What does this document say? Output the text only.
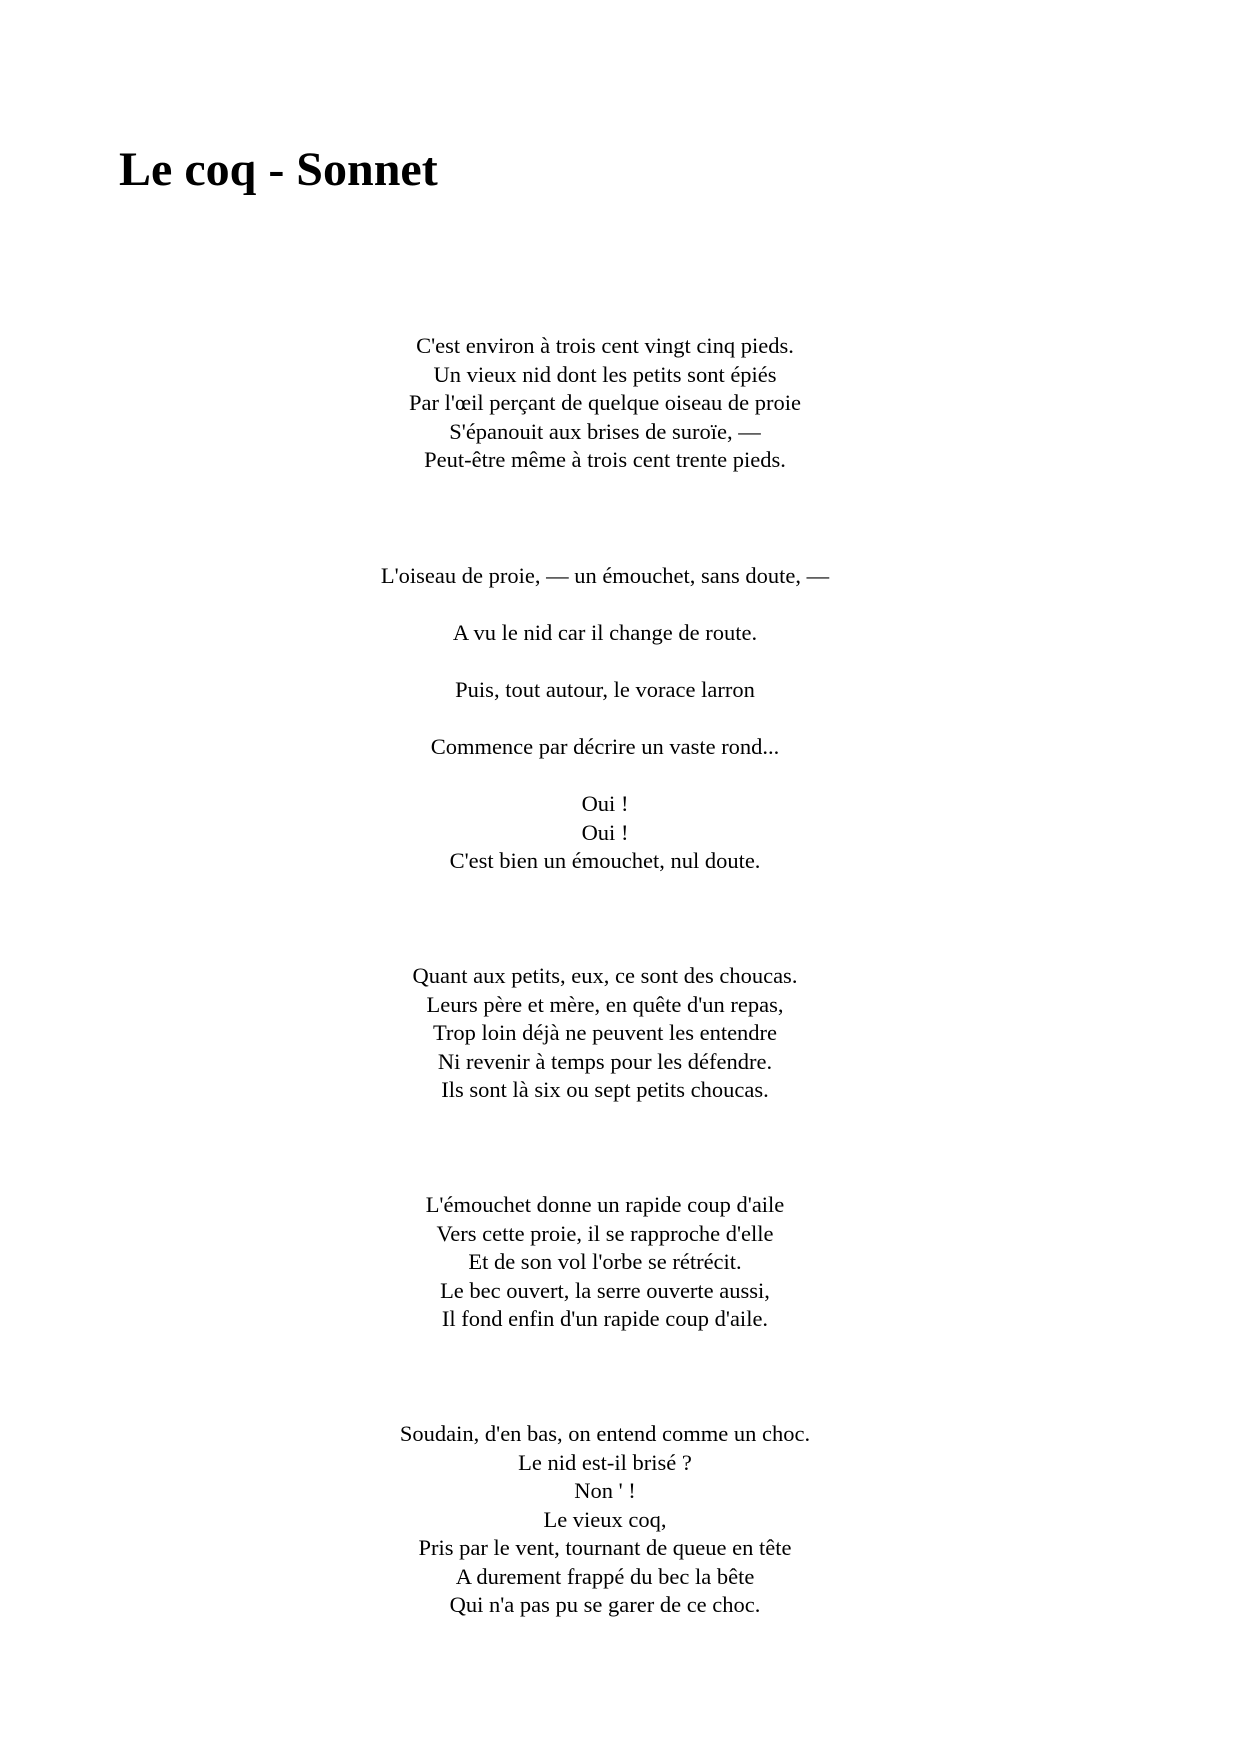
Le coq - Sonnet
C'est environ à trois cent vingt cinq pieds.
Un vieux nid dont les petits sont épiés
Par l'œil perçant de quelque oiseau de proie
S'épanouit aux brises de suroïe, —
Peut-être même à trois cent trente pieds.
L'oiseau de proie, — un émouchet, sans doute, —
A vu le nid car il change de route.
Puis, tout autour, le vorace larron
Commence par décrire un vaste rond...
Oui !
Oui !
C'est bien un émouchet, nul doute.
Quant aux petits, eux, ce sont des choucas.
Leurs père et mère, en quête d'un repas,
Trop loin déjà ne peuvent les entendre
Ni revenir à temps pour les défendre.
Ils sont là six ou sept petits choucas.
L'émouchet donne un rapide coup d'aile
Vers cette proie, il se rapproche d'elle
Et de son vol l'orbe se rétrécit.
Le bec ouvert, la serre ouverte aussi,
Il fond enfin d'un rapide coup d'aile.
Soudain, d'en bas, on entend comme un choc.
Le nid est-il brisé ?
Non ' !
Le vieux coq,
Pris par le vent, tournant de queue en tête
A durement frappé du bec la bête
Qui n'a pas pu se garer de ce choc.
